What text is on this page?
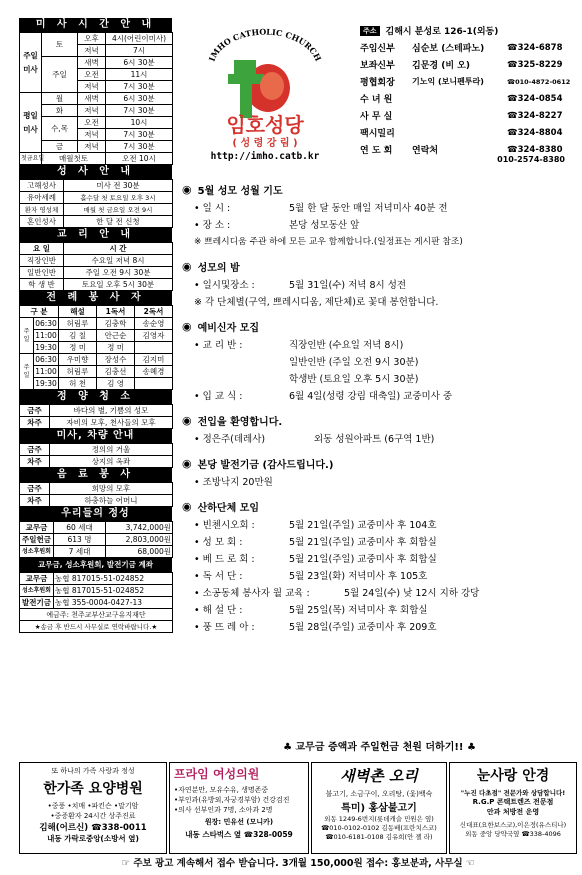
미 사 시 간 안 내
주일미사	토	오후	4시(어린이미사)
		저녁	7시
	주일	새벽	6시 30분
		오전	11시
		저녁	7시 30분
평일미사	월	새벽	6시 30분
	화	저녁	7시 30분
	수,목	오전	10시
		저녁	7시 30분
	금	저녁	7시 30분
첫금요일	매월첫토		오전 10시
성 사 안 내
고해성사	미사 전 30분
유아세례	홀수달 첫 토요일 오후 3시
환자 영성체	매월 첫 금요일 오전 9시
혼인성사	한 달 전 신청
교 리 안 내
요 일	시 간
직장인반	수요일 저녁 8시
일반인반	주일 오전 9시 30분
학 생 반	토요일 오후 5시 30분
전 례 봉 사 자
구 분		해설	1독서	2독서
주일	06:30	허림루	김충학	송순영
	11:00	김 칠	안근순	김영자
	19:30	정 미	정 미	
주일	06:30	우미향	장성수	김지미
	11:00	허림루	김충선	송혜경
	19:30	허 천	김 영	
정 양 청 소
금주	바다의 별, 기쁨의 성모
차주	자비의 모후, 천사들의 모후
미사, 차량 안내
금주	정의의 거울
차주	상지의 옥좌
음 료 봉 사
금주	희망의 모후
차주	하충하늘 어머니
우리들의 정성
교무금	60 세대	3,742,000원
주일헌금	613 명	2,803,000원
성소후원회	7 세대	68,000원
교무금, 성소후원회, 발전기금 계좌
교무금	농협 817015-51-024852
성소후원회	농협 817015-51-024852
발전기금	농협 355-0004-0427-13
예금주: 천주교부산교구유지재단	
★송금 후 반드시 사무실로 연락바랍니다.★	
IMHO CATHOLIC CHURCH
임호성당
( 성 령 강 림 )
http://imho.catb.kr
주소	김해시 분성로 126-1(외동)
주임신부	심순보 (스테파노)	☎324-6878
보좌신부	김문경 (비 오)	☎325-8229
평협회장	기노익 (보니펜투라)	☎010-4872-0612
수 녀 원	☎324-0854
사 무 실	☎324-8227
팩시밀리	☎324-8804
연 도 회	연락처	☎324-8380
010-2574-8380
◉ 5월 성모 성월 기도
• 일 시 :	5월 한 달 동안 매일 저녁미사 40분 전
• 장 소 :	본당 성모동산 앞
※ 쁘레시디움 주관 하에 모든 교우 함께합니다.(일정표는 게시판 참조)
◉ 성모의 밤
• 일시및장소 :	5월 31일(수) 저녁 8시 성전
※ 각 단체별(구역, 쁘레시디움, 제단체)로 꽃대 봉헌합니다.
◉ 예비신자 모집
• 교 리 반 :	직장인반 (수요일 저녁 8시)
일반인반 (주일 오전 9시 30분)
학생반 (토요일 오후 5시 30분)
• 입 교 식 :	6월 4일(성령 강림 대축일) 교중미사 중
◉ 전입을 환영합니다.
• 정은주(데레사)	외동 성원아파트 (6구역 1반)
◉ 본당 발전기금 (감사드립니다.)
• 조방낙지 20만원
◉ 산하단체 모임
• 빈첸시오회 :	5월 21일(주일) 교중미사 후 104호
• 성 모 회 :	5월 21일(주일) 교중미사 후 회합실
• 베 드 로 회 :	5월 21일(주일) 교중미사 후 회합실
• 독 서 단 :	5월 23일(화) 저녁미사 후 105호
• 소공동체 봉사자 월 교육 :	5월 24일(수) 낮 12시 지하 강당
• 해 설 단 :	5월 25일(목) 저녁미사 후 회합실
• 풍 뜨 레 아 :	5월 28일(주일) 교중미사 후 209호
♣ 교무금 증액과 주일헌금 천원 더하기!! ♣
또 하나의 가족 사랑과 정성
한가족 요양병원
•중풍 •치매 •파킨슨 •말기암
•중증환자 24시간 상주진료
김해(어르신) ☎338-0011
내동 가락로중앙(소방서 옆)
프라임 여성의원
•자연분만, 모유수유, 생명존중
•부인과(유방외,자궁경부암) 건강검진
•의사 선부인과 7명, 소아과 2명
원장: 민유선 (모니카)
내동 스타벅스 옆 ☎328-0059
새벽촌 오리
불고기, 소금구이, 오리탕, (옻)백숙
특미) 홍삼불고기
외동 1249-6번지(롯데캐슬 민원은 옆)
☎010-0102-0102 김동배(프란치스코)
☎010-6181-0108 김유희(안 젤 라)
눈사랑 안경
"누진 다초점" 전문가와 상담합니다!
R.G.P 콘택트렌즈 전문점
안과 처방전 운영
신대표(요한보스코),이은정(유스티나)
외동 중앙 당약국옆 ☎338-4096
☞ 주보 광고 계속해서 접수 받습니다. 3개월 150,000원 접수: 홍보분과, 사무실 ☜
